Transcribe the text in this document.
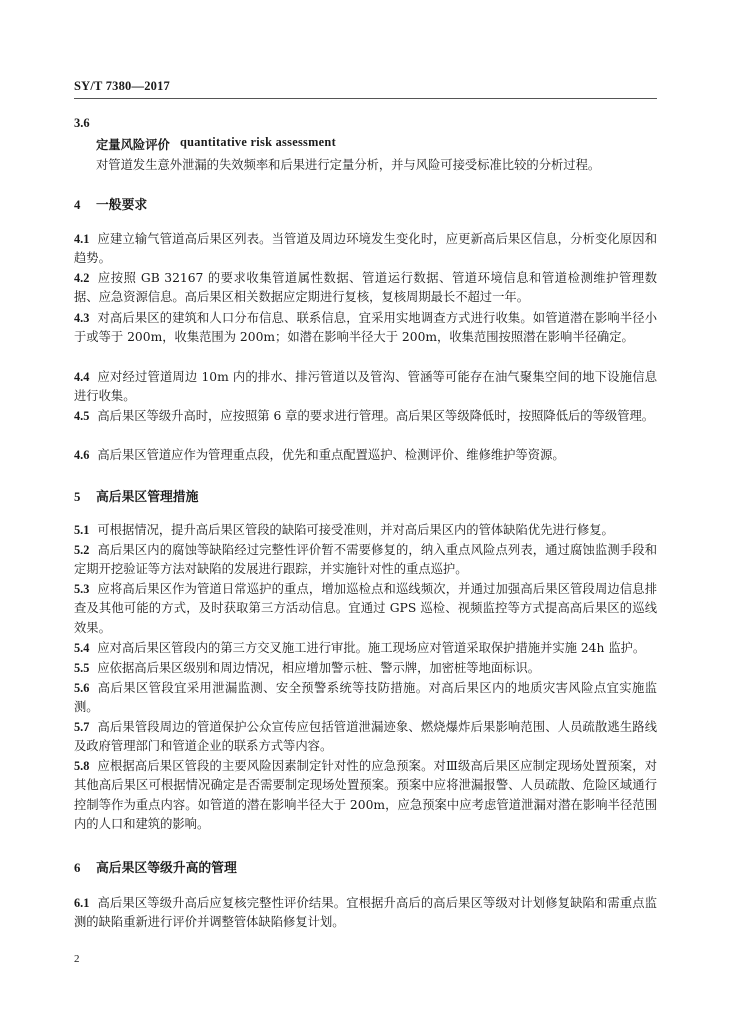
SY/T 7380—2017
3.6
定量风险评价 quantitative risk assessment
对管道发生意外泄漏的失效频率和后果进行定量分析，并与风险可接受标准比较的分析过程。
4 一般要求
4.1 应建立输气管道高后果区列表。当管道及周边环境发生变化时，应更新高后果区信息，分析变化原因和趋势。
4.2 应按照 GB 32167 的要求收集管道属性数据、管道运行数据、管道环境信息和管道检测维护管理数据、应急资源信息。高后果区相关数据应定期进行复核，复核周期最长不超过一年。
4.3 对高后果区的建筑和人口分布信息、联系信息，宜采用实地调查方式进行收集。如管道潜在影响半径小于或等于 200m，收集范围为 200m；如潜在影响半径大于 200m，收集范围按照潜在影响半径确定。
4.4 应对经过管道周边 10m 内的排水、排污管道以及管沟、管涵等可能存在油气聚集空间的地下设施信息进行收集。
4.5 高后果区等级升高时，应按照第 6 章的要求进行管理。高后果区等级降低时，按照降低后的等级管理。
4.6 高后果区管道应作为管理重点段，优先和重点配置巡护、检测评价、维修维护等资源。
5 高后果区管理措施
5.1 可根据情况，提升高后果区管段的缺陷可接受准则，并对高后果区内的管体缺陷优先进行修复。
5.2 高后果区内的腐蚀等缺陷经过完整性评价暂不需要修复的，纳入重点风险点列表，通过腐蚀监测手段和定期开挖验证等方法对缺陷的发展进行跟踪，并实施针对性的重点巡护。
5.3 应将高后果区作为管道日常巡护的重点，增加巡检点和巡线频次，并通过加强高后果区管段周边信息排查及其他可能的方式，及时获取第三方活动信息。宜通过 GPS 巡检、视频监控等方式提高高后果区的巡线效果。
5.4 应对高后果区管段内的第三方交叉施工进行审批。施工现场应对管道采取保护措施并实施 24h 监护。
5.5 应依据高后果区级别和周边情况，相应增加警示桩、警示牌，加密桩等地面标识。
5.6 高后果区管段宜采用泄漏监测、安全预警系统等技防措施。对高后果区内的地质灾害风险点宜实施监测。
5.7 高后果管段周边的管道保护公众宣传应包括管道泄漏迹象、燃烧爆炸后果影响范围、人员疏散逃生路线及政府管理部门和管道企业的联系方式等内容。
5.8 应根据高后果区管段的主要风险因素制定针对性的应急预案。对Ⅲ级高后果区应制定现场处置预案，对其他高后果区可根据情况确定是否需要制定现场处置预案。预案中应将泄漏报警、人员疏散、危险区域通行控制等作为重点内容。如管道的潜在影响半径大于 200m，应急预案中应考虑管道泄漏对潜在影响半径范围内的人口和建筑的影响。
6 高后果区等级升高的管理
6.1 高后果区等级升高后应复核完整性评价结果。宜根据升高后的高后果区等级对计划修复缺陷和需重点监测的缺陷重新进行评价并调整管体缺陷修复计划。
2
